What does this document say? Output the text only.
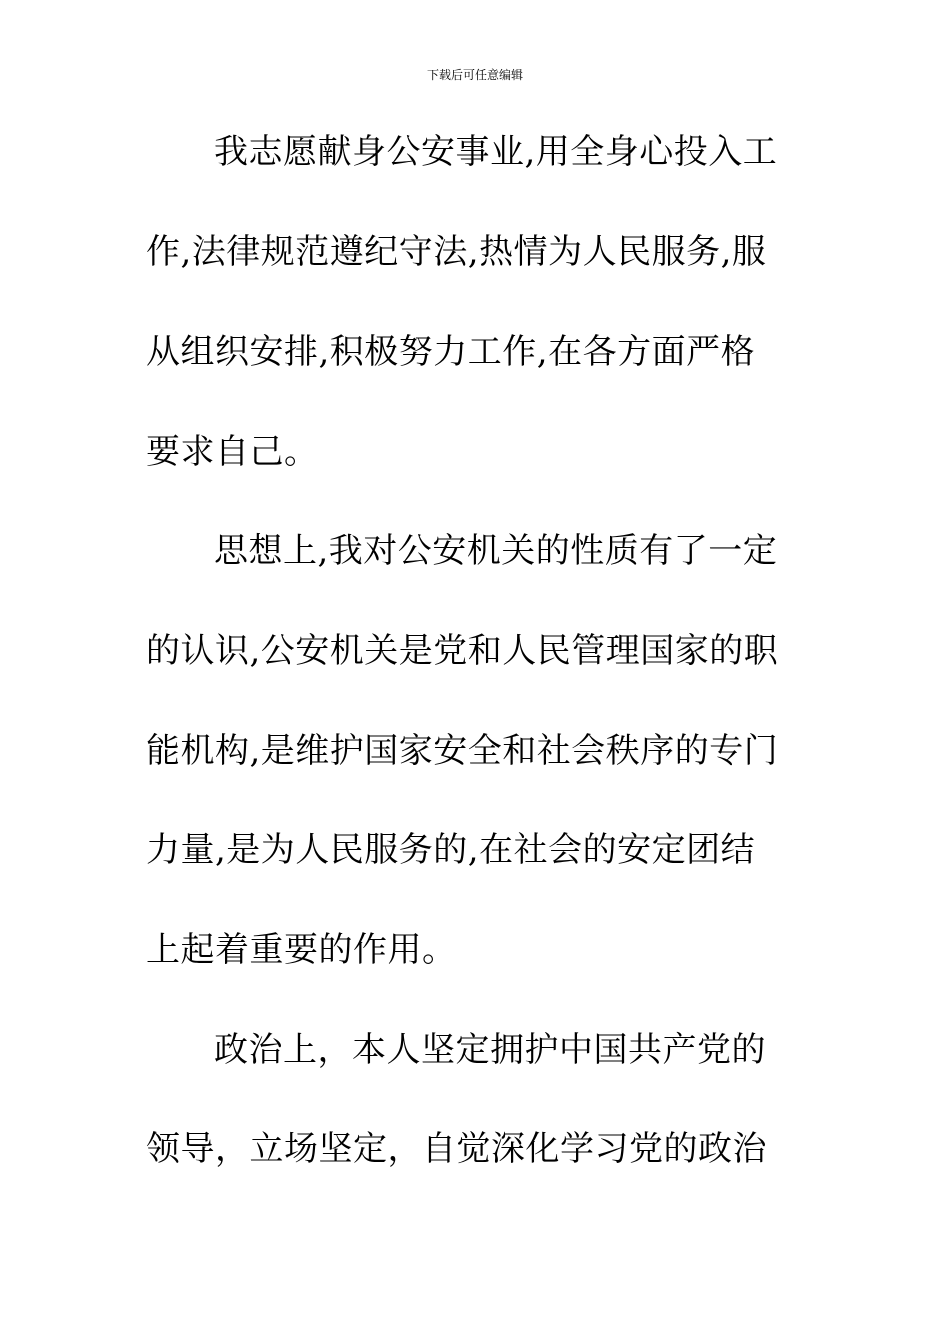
下载后可任意编辑
我志愿献身公安事业,用全身心投入工
作,法律规范遵纪守法,热情为人民服务,服
从组织安排,积极努力工作,在各方面严格
要求自己。
思想上,我对公安机关的性质有了一定
的认识,公安机关是党和人民管理国家的职
能机构,是维护国家安全和社会秩序的专门
力量,是为人民服务的,在社会的安定团结
上起着重要的作用。
政治上，本人坚定拥护中国共产党的
领导，立场坚定，自觉深化学习党的政治
